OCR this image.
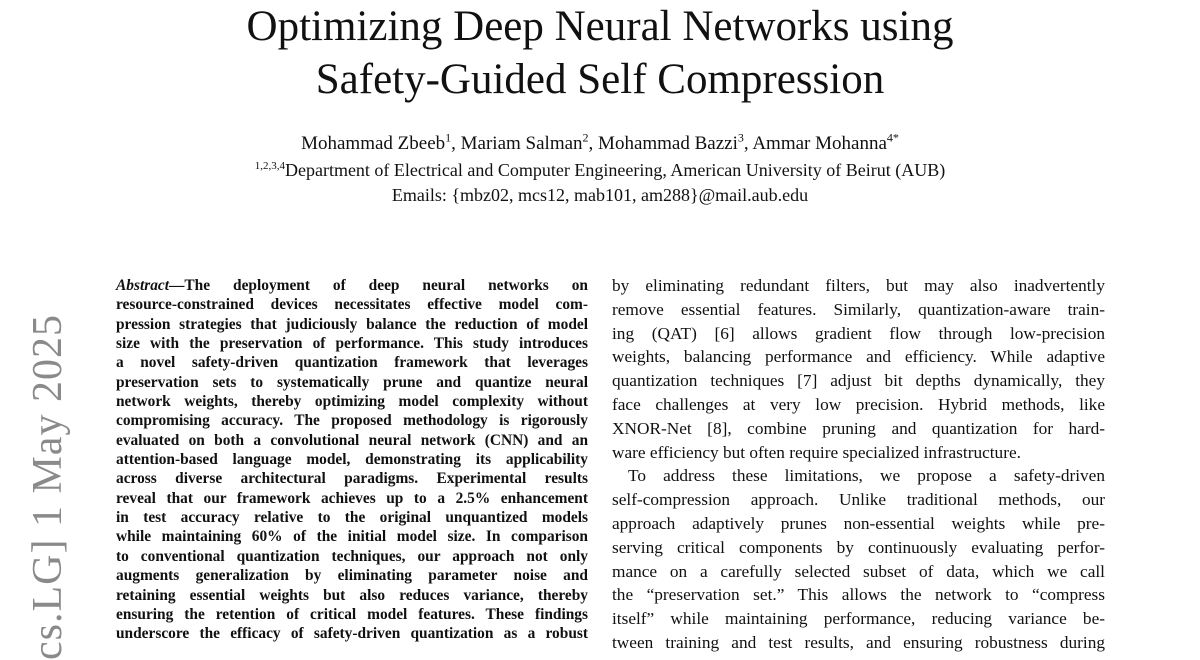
Optimizing Deep Neural Networks using
Safety-Guided Self Compression
Mohammad Zbeeb$^1$, Mariam Salman$^2$, Mohammad Bazzi$^3$, Ammar Mohanna$^{4*}$
$^{1,2,3,4}$Department of Electrical and Computer Engineering, American University of Beirut (AUB)
Emails: {mbz02, mcs12, mab101, am288}@mail.aub.edu
cs.LG] 1 May 2025
Abstract—The deployment of deep neural networks on
resource-constrained devices necessitates effective model com-
pression strategies that judiciously balance the reduction of model
size with the preservation of performance. This study introduces
a novel safety-driven quantization framework that leverages
preservation sets to systematically prune and quantize neural
network weights, thereby optimizing model complexity without
compromising accuracy. The proposed methodology is rigorously
evaluated on both a convolutional neural network (CNN) and an
attention-based language model, demonstrating its applicability
across diverse architectural paradigms. Experimental results
reveal that our framework achieves up to a 2.5% enhancement
in test accuracy relative to the original unquantized models
while maintaining 60% of the initial model size. In comparison
to conventional quantization techniques, our approach not only
augments generalization by eliminating parameter noise and
retaining essential weights but also reduces variance, thereby
ensuring the retention of critical model features. These findings
underscore the efficacy of safety-driven quantization as a robust
by eliminating redundant filters, but may also inadvertently
remove essential features. Similarly, quantization-aware train-
ing (QAT) [6] allows gradient flow through low-precision
weights, balancing performance and efficiency. While adaptive
quantization techniques [7] adjust bit depths dynamically, they
face challenges at very low precision. Hybrid methods, like
XNOR-Net [8], combine pruning and quantization for hard-
ware efficiency but often require specialized infrastructure.
To address these limitations, we propose a safety-driven
self-compression approach. Unlike traditional methods, our
approach adaptively prunes non-essential weights while pre-
serving critical components by continuously evaluating perfor-
mance on a carefully selected subset of data, which we call
the “preservation set.” This allows the network to “compress
itself” while maintaining performance, reducing variance be-
tween training and test results, and ensuring robustness during
